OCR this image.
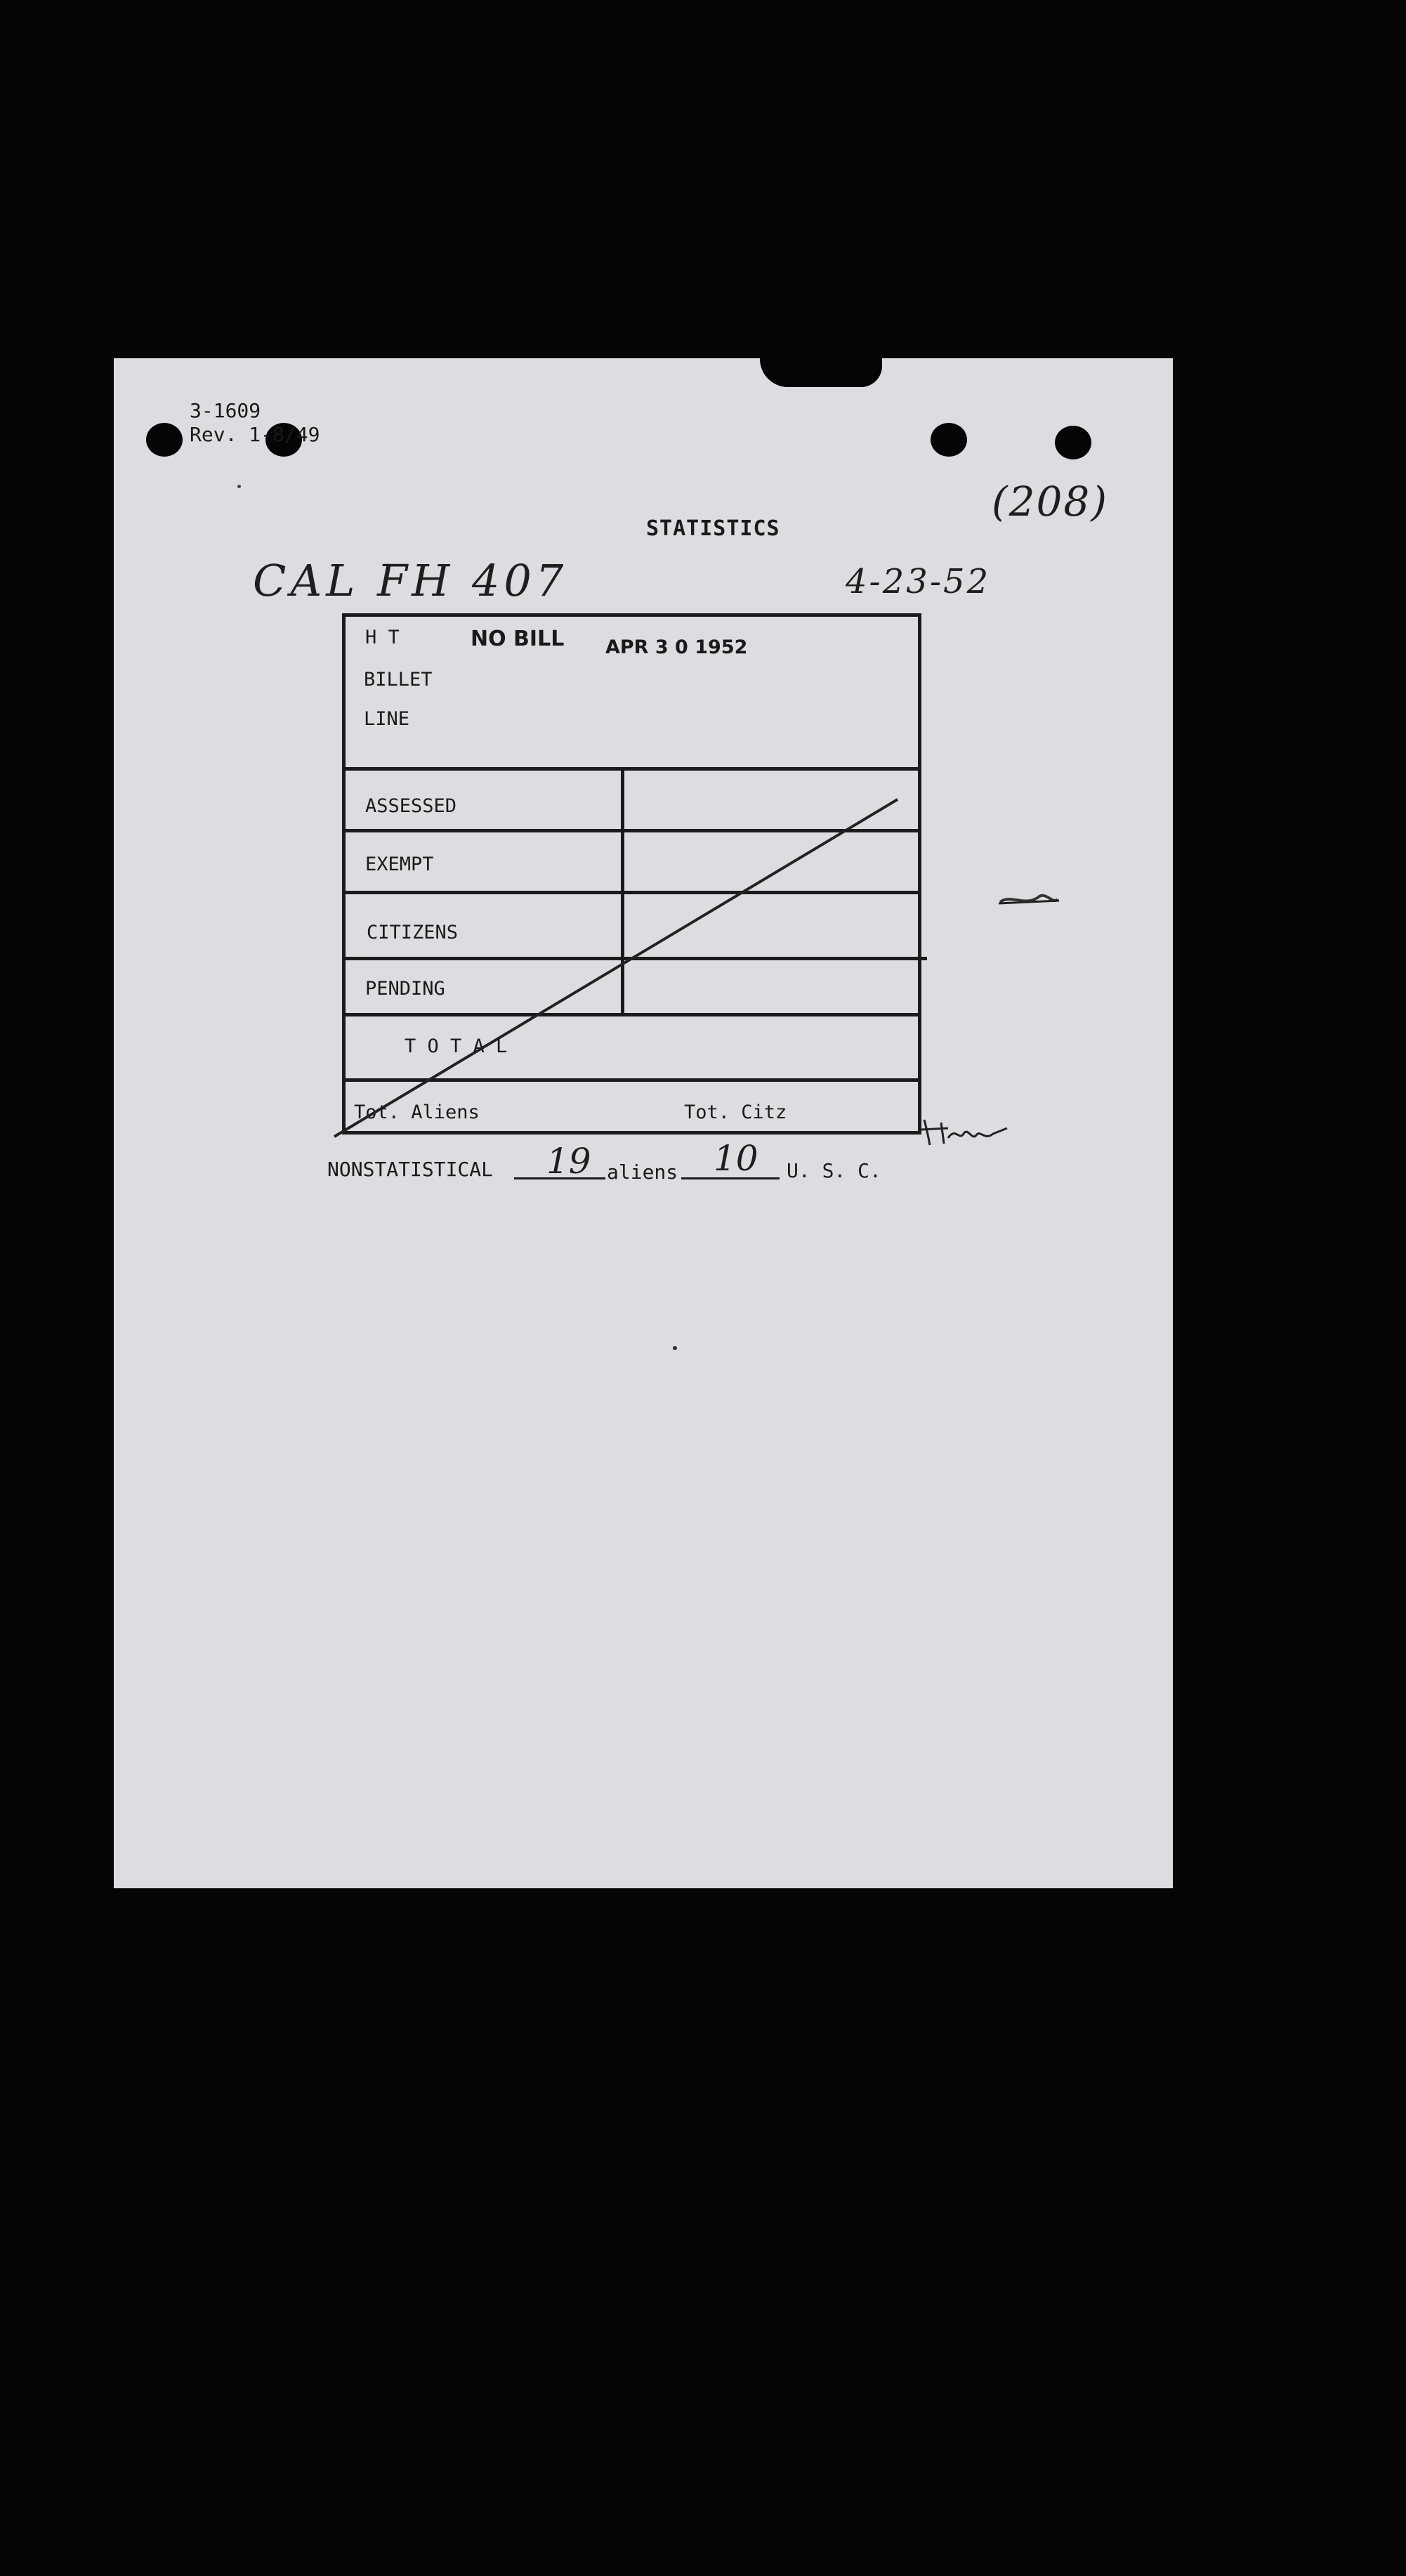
3-1609
Rev. 1-8/49
STATISTICS
CAL FH 407	4-23-52
(208)
H T
BILLET
LINE
NO BILL APR 3 0 1952
ASSESSED
EXEMPT
CITIZENS
PENDING
T O T A L
Tot. Aliens	Tot. Citz
NONSTATISTICAL 19 aliens 10 U. S. C.
